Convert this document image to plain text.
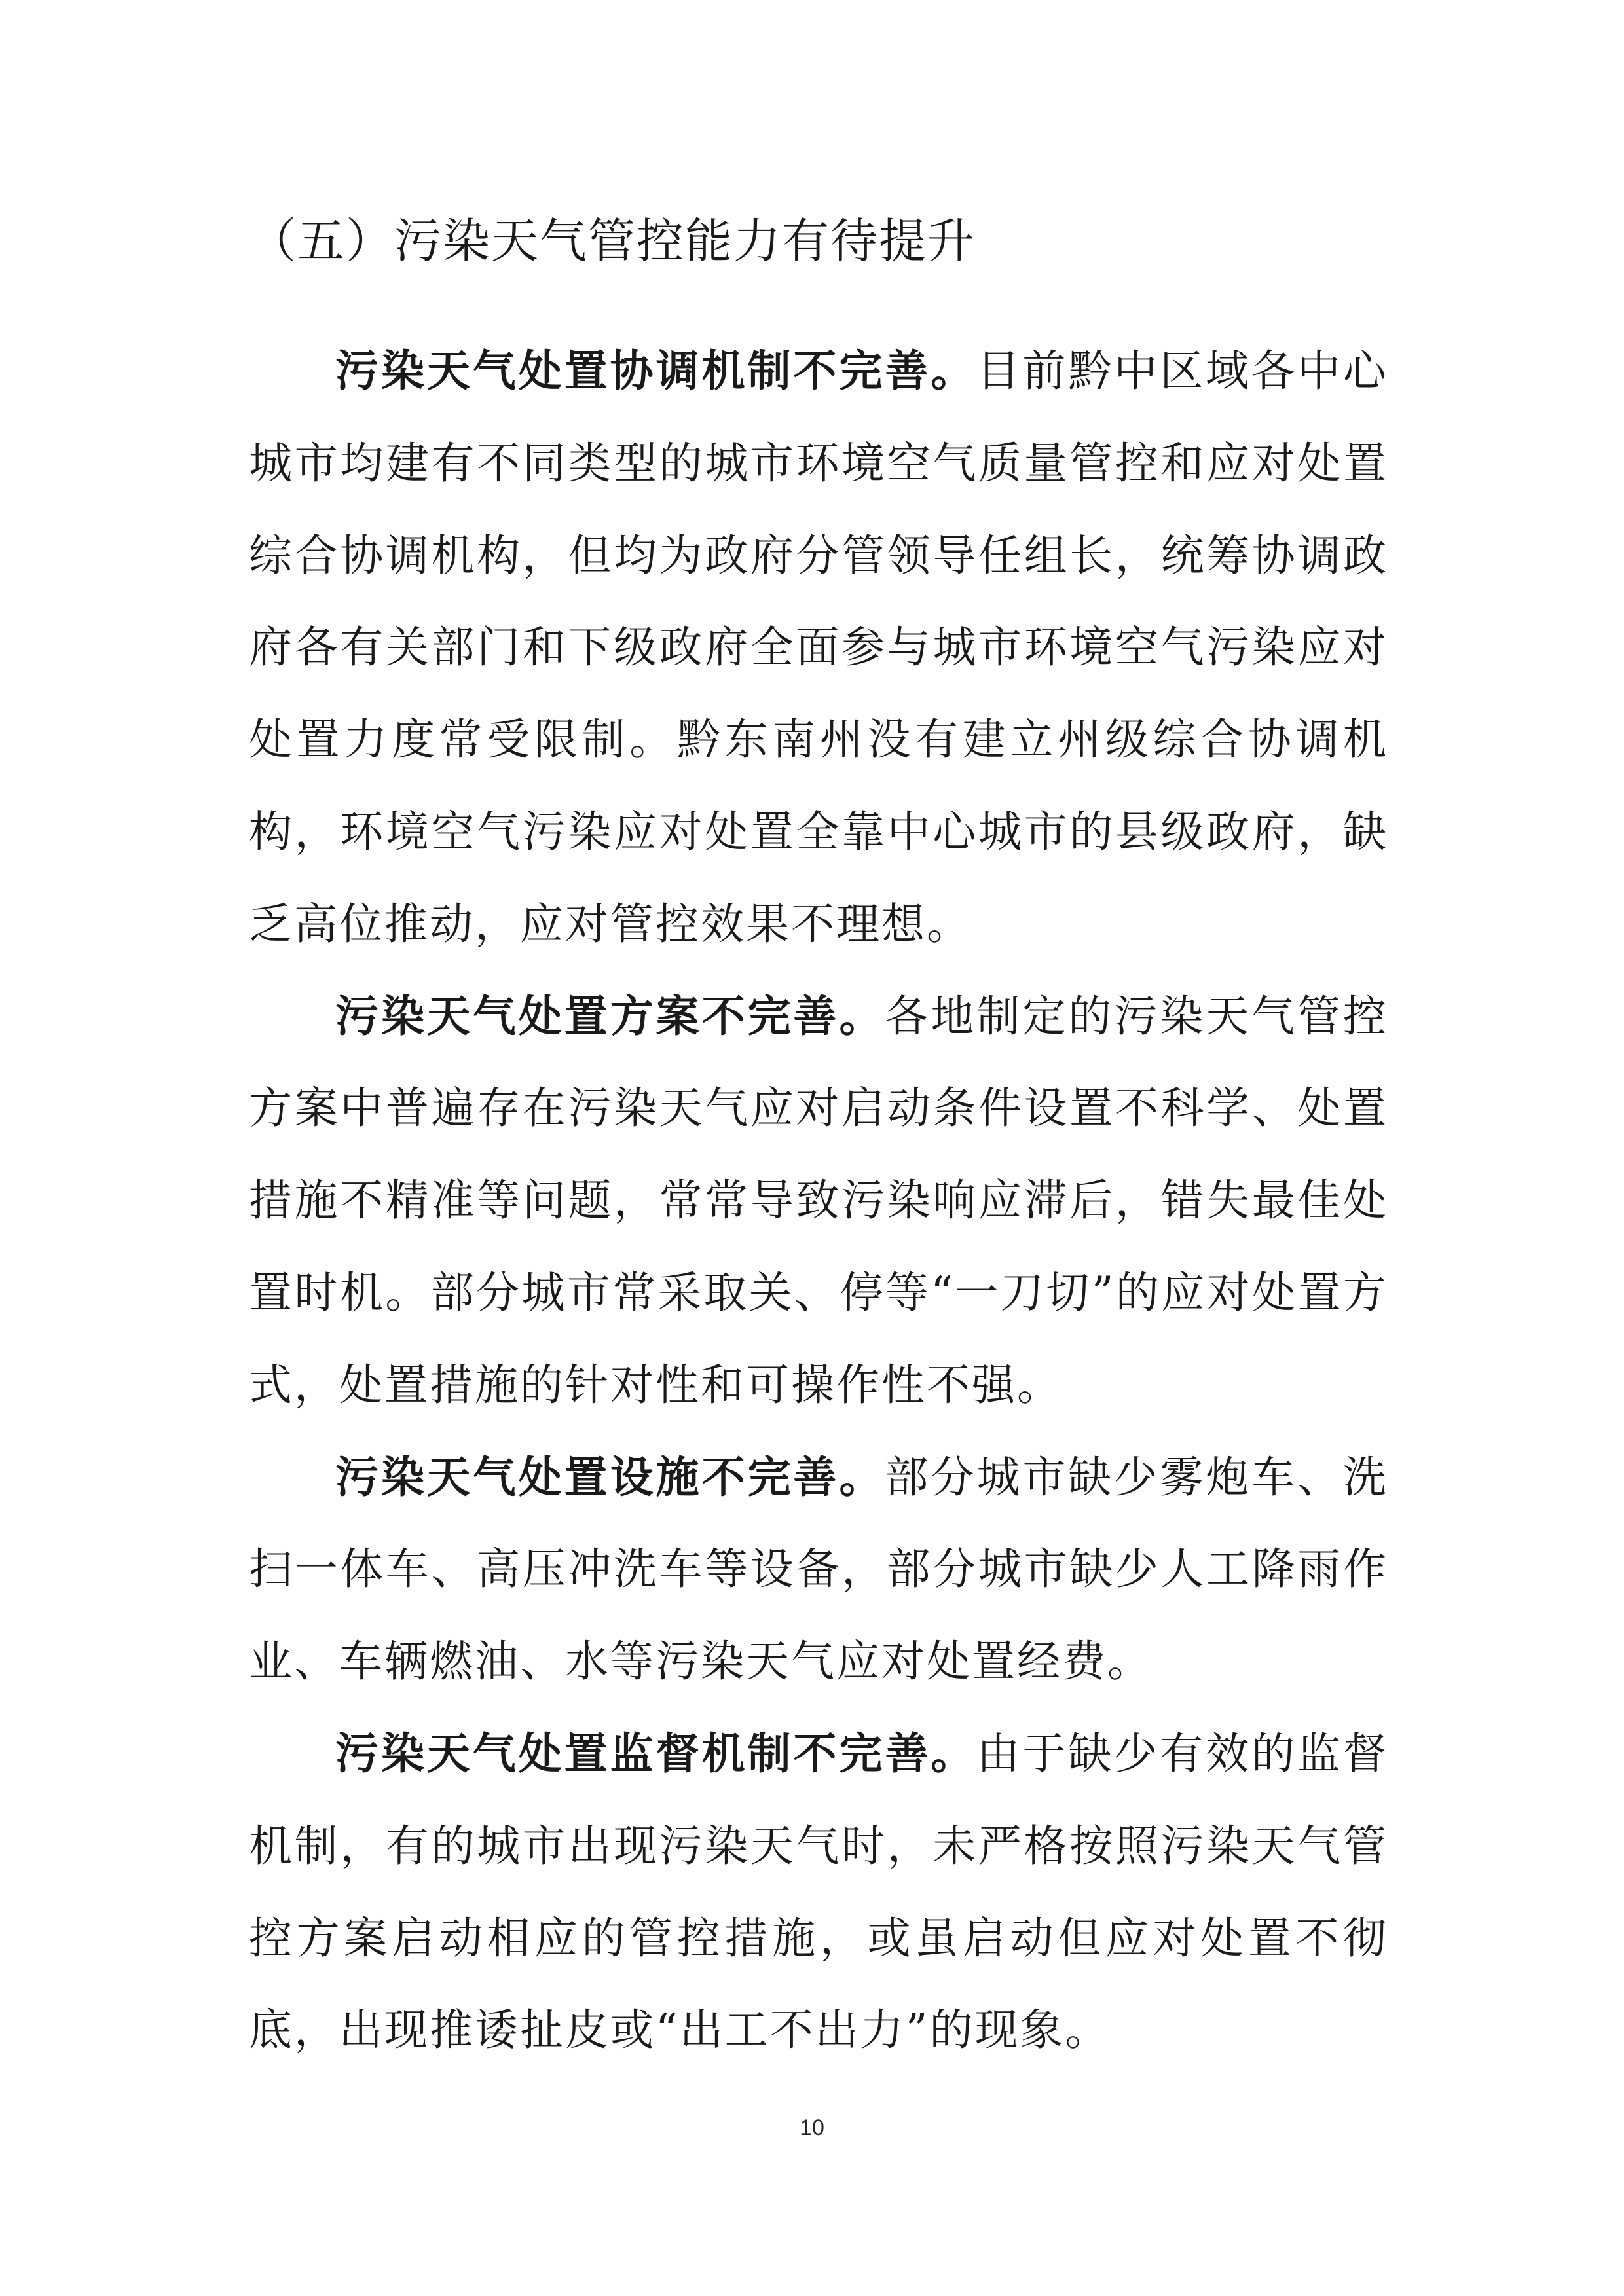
（五）污染天气管控能力有待提升

污染天气处置协调机制不完善。目前黔中区域各中心城市均建有不同类型的城市环境空气质量管控和应对处置综合协调机构，但均为政府分管领导任组长，统筹协调政府各有关部门和下级政府全面参与城市环境空气污染应对处置力度常受限制。黔东南州没有建立州级综合协调机构，环境空气污染应对处置全靠中心城市的县级政府，缺乏高位推动，应对管控效果不理想。

污染天气处置方案不完善。各地制定的污染天气管控方案中普遍存在污染天气应对启动条件设置不科学、处置措施不精准等问题，常常导致污染响应滞后，错失最佳处置时机。部分城市常采取关、停等“一刀切”的应对处置方式，处置措施的针对性和可操作性不强。

污染天气处置设施不完善。部分城市缺少雾炮车、洗扫一体车、高压冲洗车等设备，部分城市缺少人工降雨作业、车辆燃油、水等污染天气应对处置经费。

污染天气处置监督机制不完善。由于缺少有效的监督机制，有的城市出现污染天气时，未严格按照污染天气管控方案启动相应的管控措施，或虽启动但应对处置不彻底，出现推诿扯皮或“出工不出力”的现象。

10
